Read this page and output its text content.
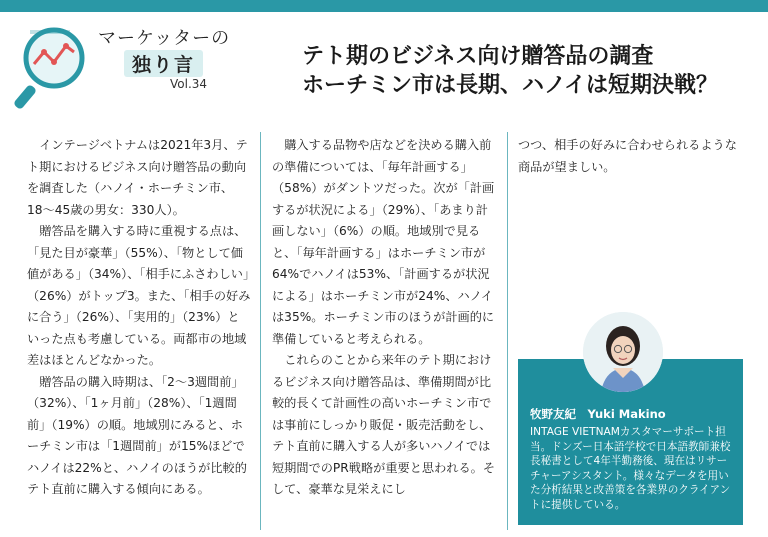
マーケッターの
独り言
Vol.34
テト期のビジネス向け贈答品の調査
ホーチミン市は長期、ハノイは短期決戦？

インテージベトナムは2021年3月、テト期におけるビジネス向け贈答品の動向を調査した（ハノイ・ホーチミン市、18〜45歳の男女：330人）。

贈答品を購入する時に重視する点は、「見た目が豪華」（55%）、「物として価値がある」（34%）、「相手にふさわしい」（26%）がトップ3。また、「相手の好みに合う」（26%）、「実用的」（23%）といった点も考慮している。両都市の地域差はほとんどなかった。

贈答品の購入時期は、「2〜3週間前」（32%）、「1ヶ月前」（28%）、「1週間前」（19%）の順。地域別にみると、ホーチミン市は「1週間前」が15%ほどでハノイは22%と、ハノイのほうが比較的テト直前に購入する傾向にある。

購入する品物や店などを決める購入前の準備については、「毎年計画する」（58%）がダントツだった。次が「計画するが状況による」（29%）、「あまり計画しない」（6%）の順。地域別で見ると、「毎年計画する」はホーチミン市が64%でハノイは53%、「計画するが状況による」はホーチミン市が24%、ハノイは35%。ホーチミン市のほうが計画的に準備していると考えられる。

これらのことから来年のテト期におけるビジネス向け贈答品は、準備期間が比較的長くて計画性の高いホーチミン市では事前にしっかり販促・販売活動をし、テト直前に購入する人が多いハノイでは短期間でのPR戦略が重要と思われる。そして、豪華な見栄えにし

つつ、相手の好みに合わせられるような商品が望ましい。

牧野友紀　Yuki Makino
INTAGE VIETNAMカスタマーサポート担当。ドンズー日本語学校で日本語教師兼校長秘書として4年半勤務後、現在はリサーチャーアシスタント。様々なデータを用いた分析結果と改善策を各業界のクライアントに提供している。
